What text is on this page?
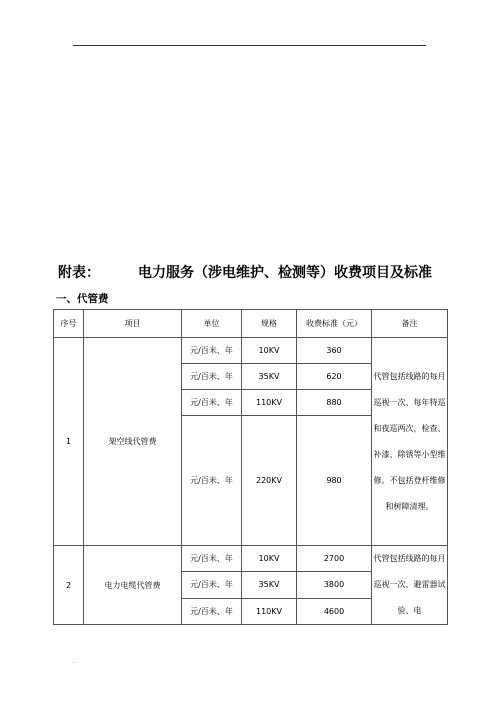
.
附表：	电力服务（涉电维护、检测等）收费项目及标准
一、代管费
序号	项目	单位	规格	收费标准（元）	备注
1	架空线代管费	元/百米、年	10KV	360	代管包括线路的每月巡视一次、每年特巡和夜巡两次，检查、补漆、除锈等小型维修。不包括登杆维修和树障清理。
		元/百米、年	35KV	620	
		元/百米、年	110KV	880	
		元/百米、年	220KV	980	
2	电力电缆代管费	元/百米、年	10KV	2700	代管包括线路的每月巡视一次、避雷器试验、电
		元/百米、年	35KV	3800	
		元/百米、年	110KV	4600	
.
